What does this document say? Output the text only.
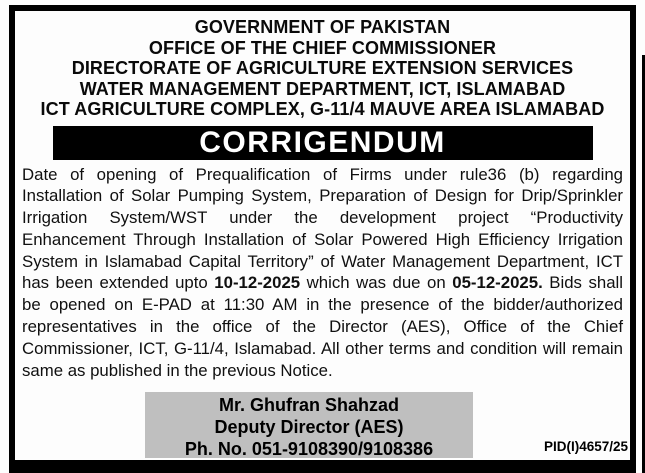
GOVERNMENT OF PAKISTAN
OFFICE OF THE CHIEF COMMISSIONER
DIRECTORATE OF AGRICULTURE EXTENSION SERVICES
WATER MANAGEMENT DEPARTMENT, ICT, ISLAMABAD
ICT AGRICULTURE COMPLEX, G-11/4 MAUVE AREA ISLAMABAD
CORRIGENDUM
Date of opening of Prequalification of Firms under rule36 (b) regarding Installation of Solar Pumping System, Preparation of Design for Drip/Sprinkler Irrigation System/WST under the development project “Productivity Enhancement Through Installation of Solar Powered High Efficiency Irrigation System in Islamabad Capital Territory” of Water Management Department, ICT has been extended upto 10-12-2025 which was due on 05-12-2025. Bids shall be opened on E-PAD at 11:30 AM in the presence of the bidder/authorized representatives in the office of the Director (AES), Office of the Chief Commissioner, ICT, G-11/4, Islamabad. All other terms and condition will remain same as published in the previous Notice.
Mr. Ghufran Shahzad
Deputy Director (AES)
Ph. No. 051-9108390/9108386	PID(I)4657/25
